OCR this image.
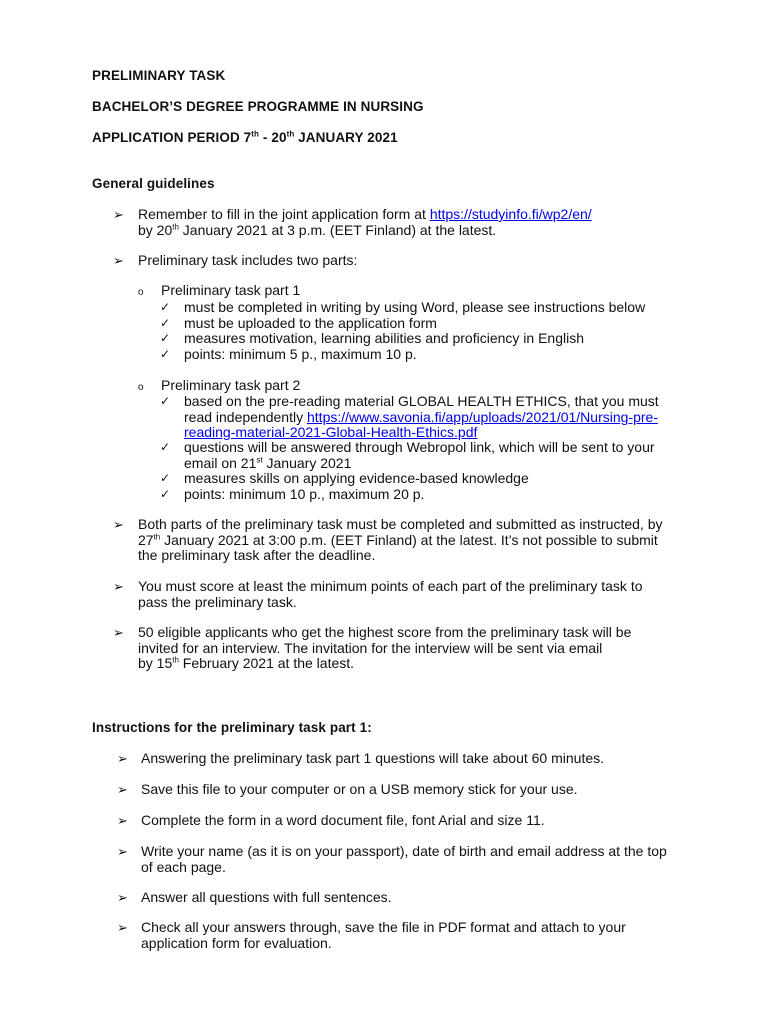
PRELIMINARY TASK
BACHELOR’S DEGREE PROGRAMME IN NURSING
APPLICATION PERIOD 7th - 20th JANUARY 2021
General guidelines
➢ Remember to fill in the joint application form at https://studyinfo.fi/wp2/en/
by 20th January 2021 at 3 p.m. (EET Finland) at the latest.
➢ Preliminary task includes two parts:
o Preliminary task part 1
✓ must be completed in writing by using Word, please see instructions below
✓ must be uploaded to the application form
✓ measures motivation, learning abilities and proficiency in English
✓ points: minimum 5 p., maximum 10 p.
o Preliminary task part 2
✓ based on the pre-reading material GLOBAL HEALTH ETHICS, that you must
read independently https://www.savonia.fi/app/uploads/2021/01/Nursing-pre-
reading-material-2021-Global-Health-Ethics.pdf
✓ questions will be answered through Webropol link, which will be sent to your
email on 21st January 2021
✓ measures skills on applying evidence-based knowledge
✓ points: minimum 10 p., maximum 20 p.
➢ Both parts of the preliminary task must be completed and submitted as instructed, by
27th January 2021 at 3:00 p.m. (EET Finland) at the latest. It’s not possible to submit
the preliminary task after the deadline.
➢ You must score at least the minimum points of each part of the preliminary task to
pass the preliminary task.
➢ 50 eligible applicants who get the highest score from the preliminary task will be
invited for an interview. The invitation for the interview will be sent via email
by 15th February 2021 at the latest.
Instructions for the preliminary task part 1:
➢ Answering the preliminary task part 1 questions will take about 60 minutes.
➢ Save this file to your computer or on a USB memory stick for your use.
➢ Complete the form in a word document file, font Arial and size 11.
➢ Write your name (as it is on your passport), date of birth and email address at the top
of each page.
➢ Answer all questions with full sentences.
➢ Check all your answers through, save the file in PDF format and attach to your
application form for evaluation.
